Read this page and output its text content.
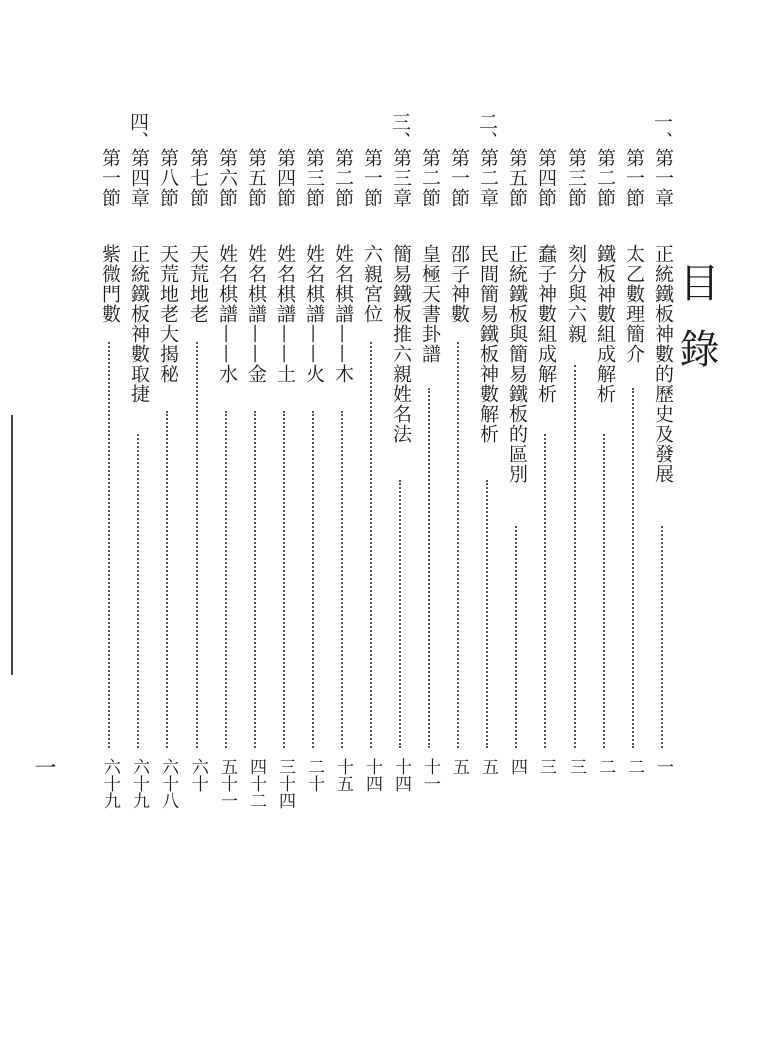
目錄
一、
二、
三、
四、
第一章
正統鐵板神數的歷史及發展
一
第一節
太乙數理簡介
二
第二節
鐵板神數組成解析
二
第三節
刻分與六親
三
第四節
蠢子神數組成解析
三
第五節
正統鐵板與簡易鐵板的區別
四
第二章
民間簡易鐵板神數解析
五
第一節
邵子神數
五
第二節
皇極天書卦譜
十一
第三章
簡易鐵板推六親姓名法
十四
第一節
六親宮位
十四
第二節
姓名棋譜——木
十五
第三節
姓名棋譜——火
二十
第四節
姓名棋譜——土
三十四
第五節
姓名棋譜——金
四十二
第六節
姓名棋譜——水
五十一
第七節
天荒地老
六十
第八節
天荒地老大揭秘
六十八
第四章
正統鐵板神數取捷
六十九
第一節
紫微門數
六十九
一
